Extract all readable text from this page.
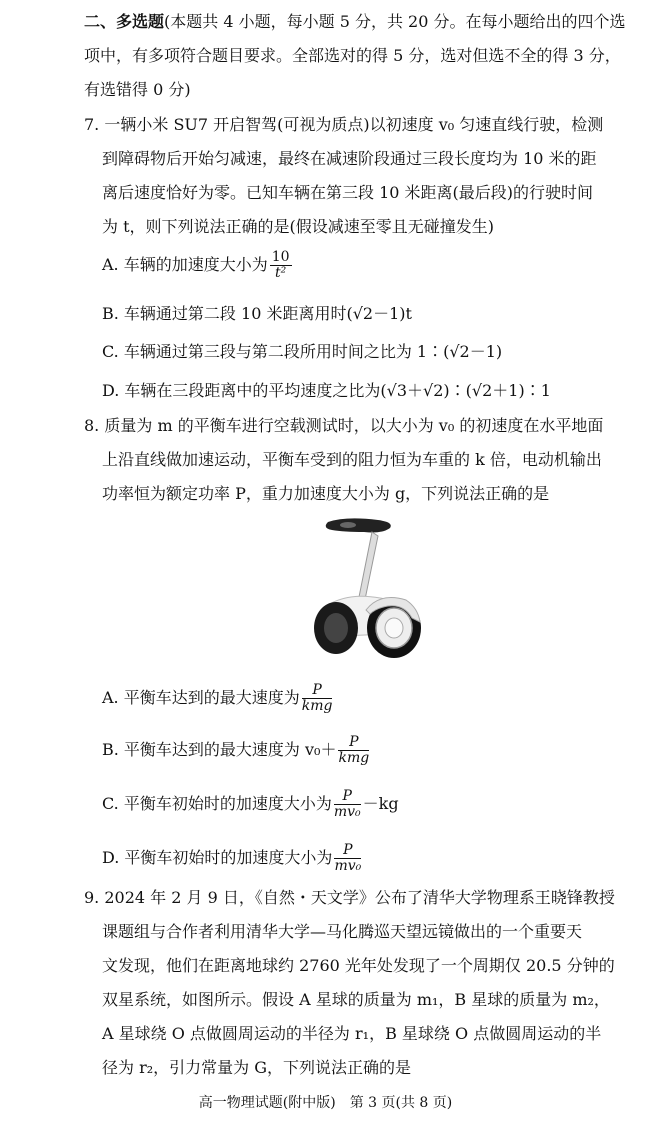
二、多选题(本题共 4 小题，每小题 5 分，共 20 分。在每小题给出的四个选
项中，有多项符合题目要求。全部选对的得 5 分，选对但选不全的得 3 分，
有选错得 0 分)
7. 一辆小米 SU7 开启智驾(可视为质点)以初速度 v₀ 匀速直线行驶，检测
到障碍物后开始匀减速，最终在减速阶段通过三段长度均为 10 米的距
离后速度恰好为零。已知车辆在第三段 10 米距离(最后段)的行驶时间
为 t，则下列说法正确的是(假设减速至零且无碰撞发生)
A. 车辆的加速度大小为 $\frac{10}{\text{t²}}$
B. 车辆通过第二段 10 米距离用时(√2－1)t
C. 车辆通过第三段与第二段所用时间之比为 1∶(√2－1)
D. 车辆在三段距离中的平均速度之比为(√3＋√2)∶(√2＋1)∶1
8. 质量为 m 的平衡车进行空载测试时，以大小为 v₀ 的初速度在水平地面
上沿直线做加速运动，平衡车受到的阻力恒为车重的 k 倍，电动机输出
功率恒为额定功率 P，重力加速度大小为 g，下列说法正确的是
A. 平衡车达到的最大速度为 $\frac{P}{\text{kmg}}$
B. 平衡车达到的最大速度为 $v_0+ \frac{P}{\text{kmg}}$
C. 平衡车初始时的加速度大小为 $\frac{P}{\text{mv₀}} -kg$
D. 平衡车初始时的加速度大小为 $\frac{P}{\text{mv₀}}$
9. 2024 年 2 月 9 日，《自然・天文学》公布了清华大学物理系王晓锋教授
课题组与合作者利用清华大学—马化腾巡天望远镜做出的一个重要天
文发现，他们在距离地球约 2760 光年处发现了一个周期仅 20.5 分钟的
双星系统，如图所示。假设 A 星球的质量为 m₁，B 星球的质量为 m₂，
A 星球绕 O 点做圆周运动的半径为 r₁，B 星球绕 O 点做圆周运动的半
径为 r₂，引力常量为 G，下列说法正确的是
高一物理试题(附中版)　第 3 页(共 8 页)
